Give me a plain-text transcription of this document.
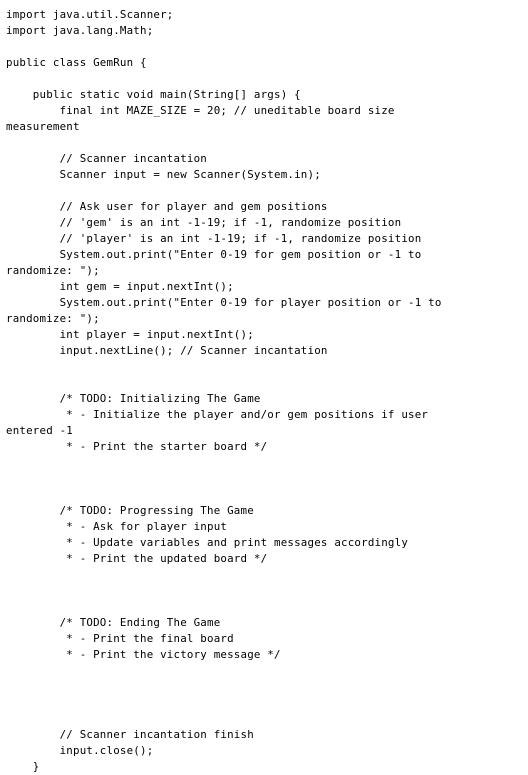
import java.util.Scanner;
import java.lang.Math;
public class GemRun {
public static void main(String[] args) {
final int MAZE_SIZE = 20; // uneditable board size
measurement
// Scanner incantation
Scanner input = new Scanner(System.in);
// Ask user for player and gem positions
// 'gem' is an int -1-19; if -1, randomize position
// 'player' is an int -1-19; if -1, randomize position
System.out.print("Enter 0-19 for gem position or -1 to
randomize: ");
int gem = input.nextInt();
System.out.print("Enter 0-19 for player position or -1 to
randomize: ");
int player = input.nextInt();
input.nextLine(); // Scanner incantation
/* TODO: Initializing The Game
* - Initialize the player and/or gem positions if user
entered -1
* - Print the starter board */
/* TODO: Progressing The Game
* - Ask for player input
* - Update variables and print messages accordingly
* - Print the updated board */
/* TODO: Ending The Game
* - Print the final board
* - Print the victory message */
// Scanner incantation finish
input.close();
}
